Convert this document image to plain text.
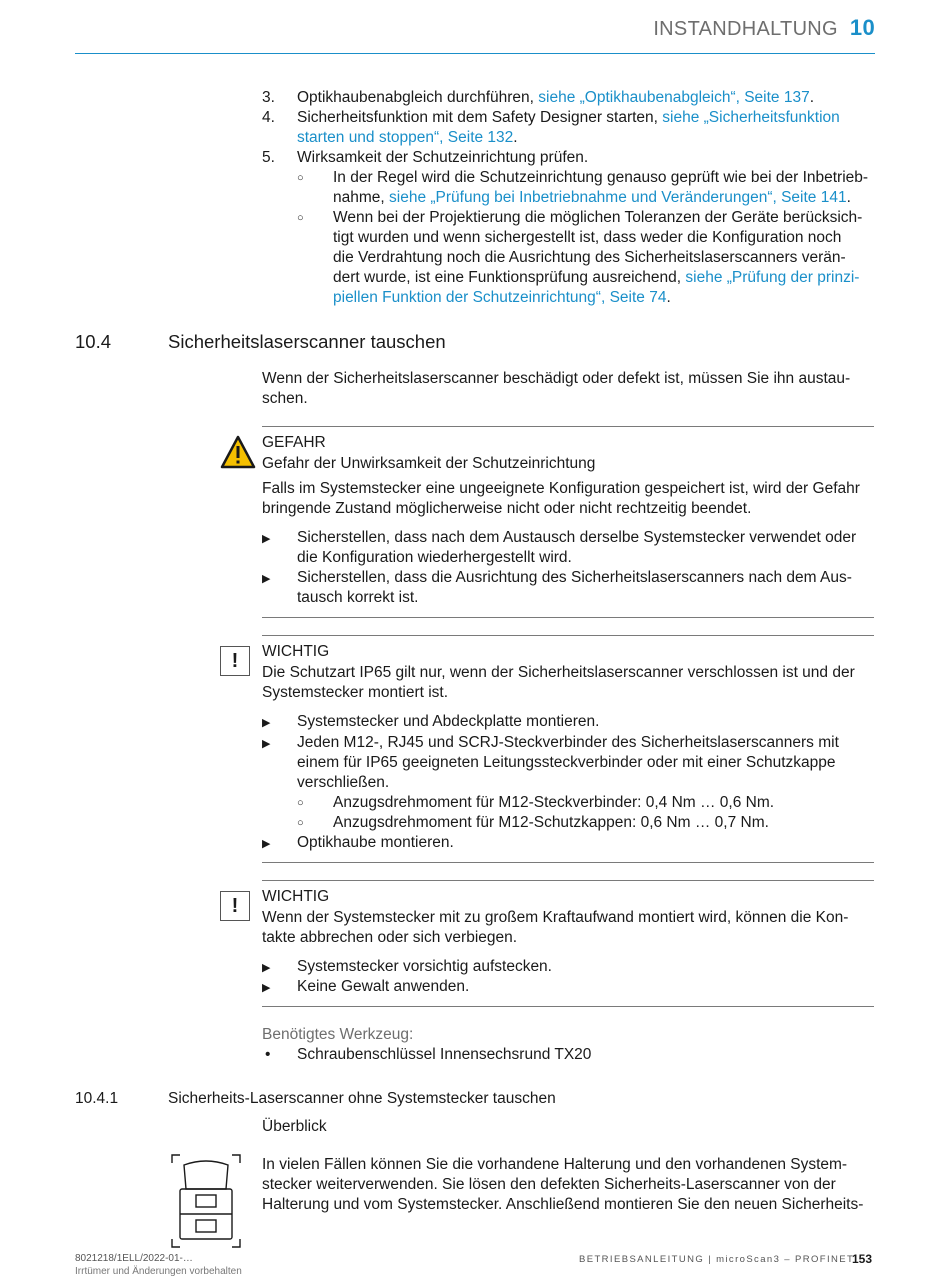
INSTANDHALTUNG 10
3. Optikhaubenabgleich durchführen, siehe „Optikhaubenabgleich“, Seite 137.
4. Sicherheitsfunktion mit dem Safety Designer starten, siehe „Sicherheitsfunktion
starten und stoppen“, Seite 132.
5. Wirksamkeit der Schutzeinrichtung prüfen.
○ In der Regel wird die Schutzeinrichtung genauso geprüft wie bei der Inbetrieb-
nahme, siehe „Prüfung bei Inbetriebnahme und Veränderungen“, Seite 141.
○ Wenn bei der Projektierung die möglichen Toleranzen der Geräte berücksich-
tigt wurden und wenn sichergestellt ist, dass weder die Konfiguration noch
die Verdrahtung noch die Ausrichtung des Sicherheitslaserscanners verän-
dert wurde, ist eine Funktionsprüfung ausreichend, siehe „Prüfung der prinzi-
piellen Funktion der Schutzeinrichtung“, Seite 74.
10.4	Sicherheitslaserscanner tauschen
Wenn der Sicherheitslaserscanner beschädigt oder defekt ist, müssen Sie ihn austau-
schen.
GEFAHR
Gefahr der Unwirksamkeit der Schutzeinrichtung
Falls im Systemstecker eine ungeeignete Konfiguration gespeichert ist, wird der Gefahr
bringende Zustand möglicherweise nicht oder nicht rechtzeitig beendet.
▶ Sicherstellen, dass nach dem Austausch derselbe Systemstecker verwendet oder
die Konfiguration wiederhergestellt wird.
▶ Sicherstellen, dass die Ausrichtung des Sicherheitslaserscanners nach dem Aus-
tausch korrekt ist.
!	WICHTIG
Die Schutzart IP65 gilt nur, wenn der Sicherheitslaserscanner verschlossen ist und der
Systemstecker montiert ist.
▶ Systemstecker und Abdeckplatte montieren.
▶ Jeden M12-, RJ45 und SCRJ-Steckverbinder des Sicherheitslaserscanners mit
einem für IP65 geeigneten Leitungssteckverbinder oder mit einer Schutzkappe
verschließen.
○ Anzugsdrehmoment für M12-Steckverbinder: 0,4 Nm … 0,6 Nm.
○ Anzugsdrehmoment für M12-Schutzkappen: 0,6 Nm … 0,7 Nm.
▶ Optikhaube montieren.
!	WICHTIG
Wenn der Systemstecker mit zu großem Kraftaufwand montiert wird, können die Kon-
takte abbrechen oder sich verbiegen.
▶ Systemstecker vorsichtig aufstecken.
▶ Keine Gewalt anwenden.
Benötigtes Werkzeug:
• Schraubenschlüssel Innensechsrund TX20
10.4.1	Sicherheits-Laserscanner ohne Systemstecker tauschen
Überblick
In vielen Fällen können Sie die vorhandene Halterung und den vorhandenen System-
stecker weiterverwenden. Sie lösen den defekten Sicherheits-Laserscanner von der
Halterung und vom Systemstecker. Anschließend montieren Sie den neuen Sicherheits-
8021218/1ELL/2022-01-…
Irrtümer und Änderungen vorbehalten
BETRIEBSANLEITUNG | microScan3 – PROFINET
153
